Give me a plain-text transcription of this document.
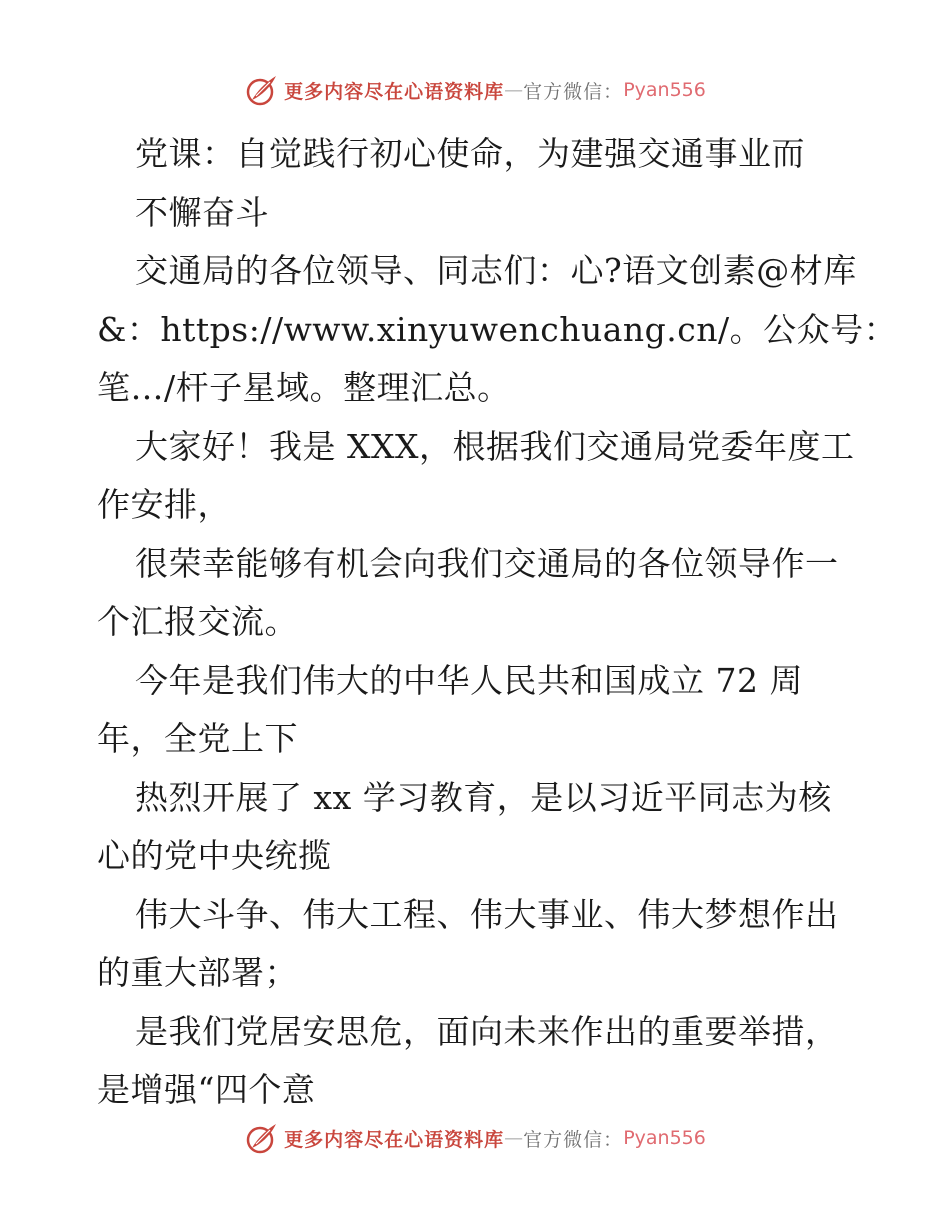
更多内容尽在心语资料库 — 官方微信： Pyan556
党课：自觉践行初心使命，为建强交通事业而
不懈奋斗
交通局的各位领导、同志们：心?语文创素@材库
&：https://www.xinyuwenchuang.cn/。公众号：
笔…/杆子星域。整理汇总。
大家好！我是 XXX，根据我们交通局党委年度工
作安排，
很荣幸能够有机会向我们交通局的各位领导作一
个汇报交流。
今年是我们伟大的中华人民共和国成立 72 周
年，全党上下
热烈开展了 xx 学习教育，是以习近平同志为核
心的党中央统揽
伟大斗争、伟大工程、伟大事业、伟大梦想作出
的重大部署；
是我们党居安思危，面向未来作出的重要举措，
是增强“四个意
更多内容尽在心语资料库 — 官方微信： Pyan556
